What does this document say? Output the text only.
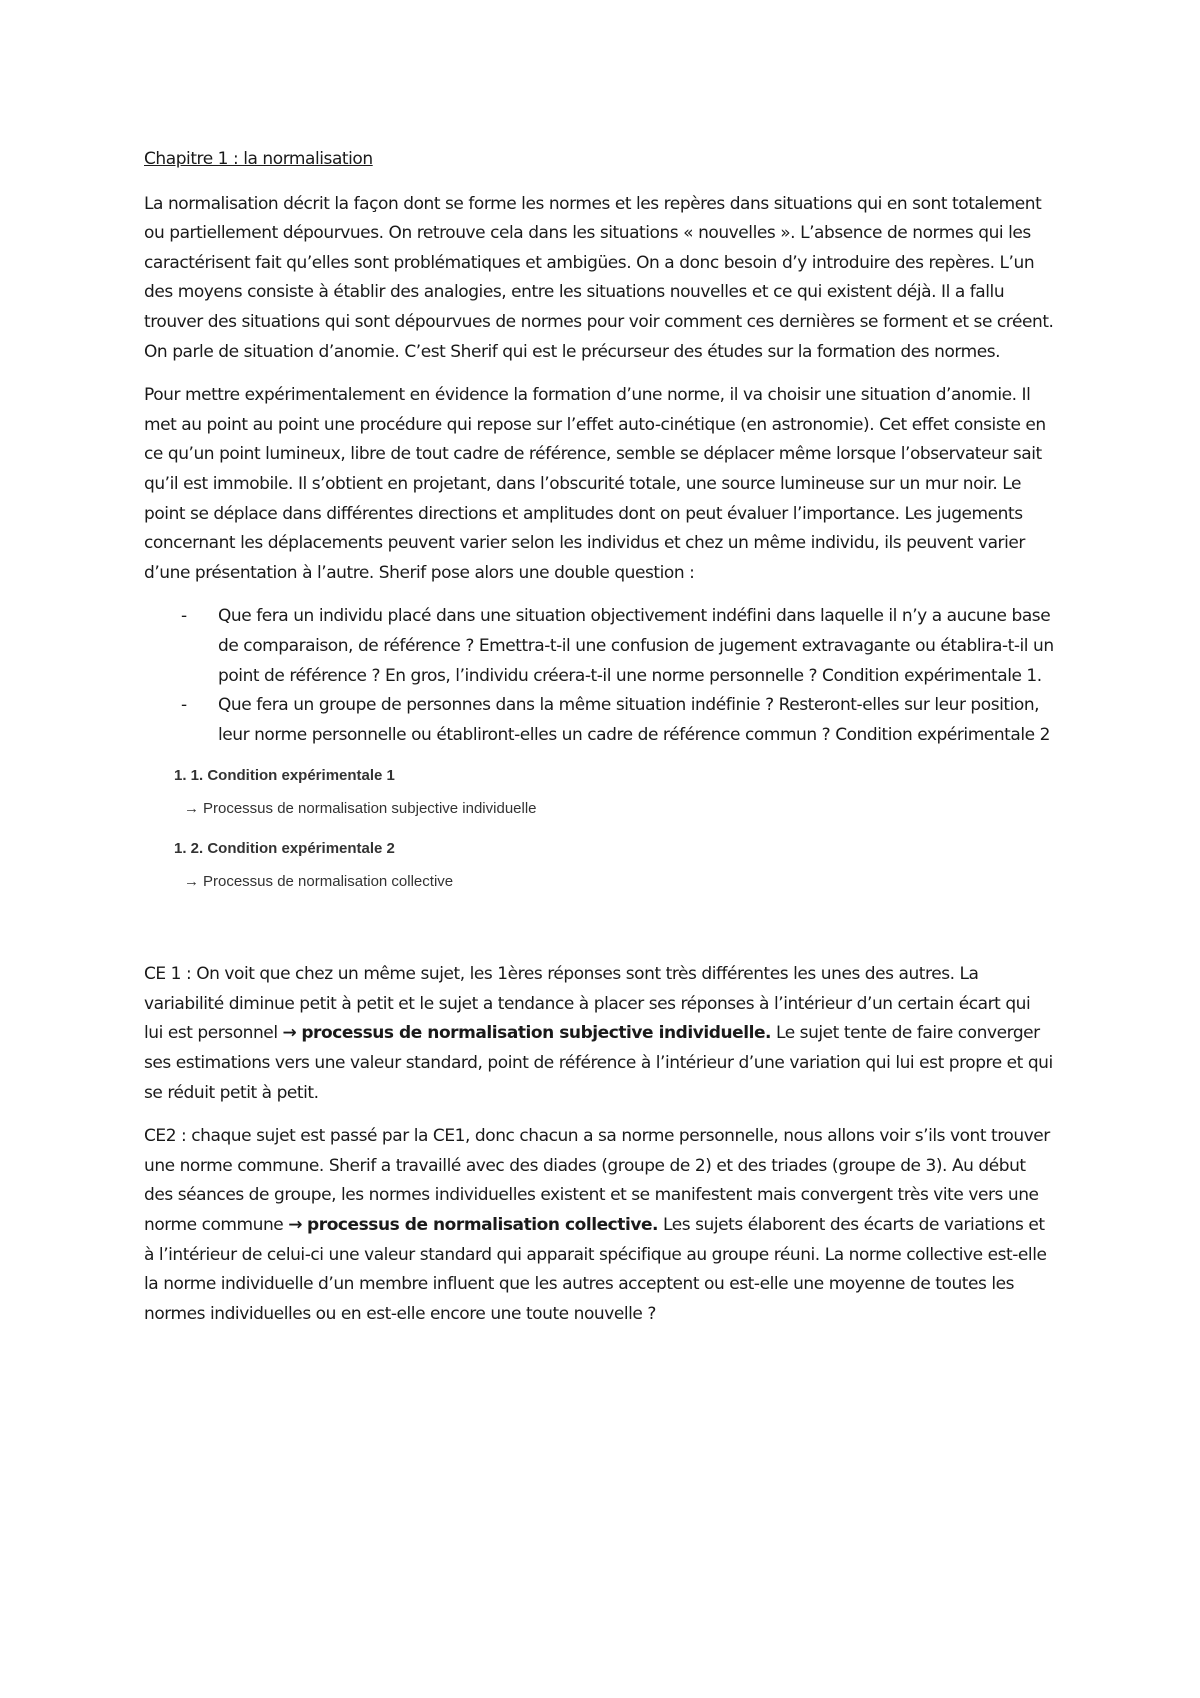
Chapitre 1 : la normalisation

La normalisation décrit la façon dont se forme les normes et les repères dans situations qui en sont totalement ou partiellement dépourvues. On retrouve cela dans les situations « nouvelles ». L’absence de normes qui les caractérisent fait qu’elles sont problématiques et ambigües. On a donc besoin d’y introduire des repères. L’un des moyens consiste à établir des analogies, entre les situations nouvelles et ce qui existent déjà. Il a fallu trouver des situations qui sont dépourvues de normes pour voir comment ces dernières se forment et se créent. On parle de situation d’anomie. C’est Sherif qui est le précurseur des études sur la formation des normes.

Pour mettre expérimentalement en évidence la formation d’une norme, il va choisir une situation d’anomie. Il met au point au point une procédure qui repose sur l’effet auto-cinétique (en astronomie). Cet effet consiste en ce qu’un point lumineux, libre de tout cadre de référence, semble se déplacer même lorsque l’observateur sait qu’il est immobile. Il s’obtient en projetant, dans l’obscurité totale, une source lumineuse sur un mur noir. Le point se déplace dans différentes directions et amplitudes dont on peut évaluer l’importance. Les jugements concernant les déplacements peuvent varier selon les individus et chez un même individu, ils peuvent varier d’une présentation à l’autre. Sherif pose alors une double question :

- Que fera un individu placé dans une situation objectivement indéfini dans laquelle il n’y a aucune base de comparaison, de référence ? Emettra-t-il une confusion de jugement extravagante ou établira-t-il un point de référence ? En gros, l’individu créera-t-il une norme personnelle ? Condition expérimentale 1.
- Que fera un groupe de personnes dans la même situation indéfinie ? Resteront-elles sur leur position, leur norme personnelle ou établiront-elles un cadre de référence commun ? Condition expérimentale 2
1. 1. Condition expérimentale 1
→ Processus de normalisation subjective individuelle
1. 2. Condition expérimentale 2
→ Processus de normalisation collective

CE 1 : On voit que chez un même sujet, les 1ères réponses sont très différentes les unes des autres. La variabilité diminue petit à petit et le sujet a tendance à placer ses réponses à l’intérieur d’un certain écart qui lui est personnel → processus de normalisation subjective individuelle. Le sujet tente de faire converger ses estimations vers une valeur standard, point de référence à l’intérieur d’une variation qui lui est propre et qui se réduit petit à petit.

CE2 : chaque sujet est passé par la CE1, donc chacun a sa norme personnelle, nous allons voir s’ils vont trouver une norme commune. Sherif a travaillé avec des diades (groupe de 2) et des triades (groupe de 3). Au début des séances de groupe, les normes individuelles existent et se manifestent mais convergent très vite vers une norme commune → processus de normalisation collective. Les sujets élaborent des écarts de variations et à l’intérieur de celui-ci une valeur standard qui apparait spécifique au groupe réuni. La norme collective est-elle la norme individuelle d’un membre influent que les autres acceptent ou est-elle une moyenne de toutes les normes individuelles ou en est-elle encore une toute nouvelle ?
